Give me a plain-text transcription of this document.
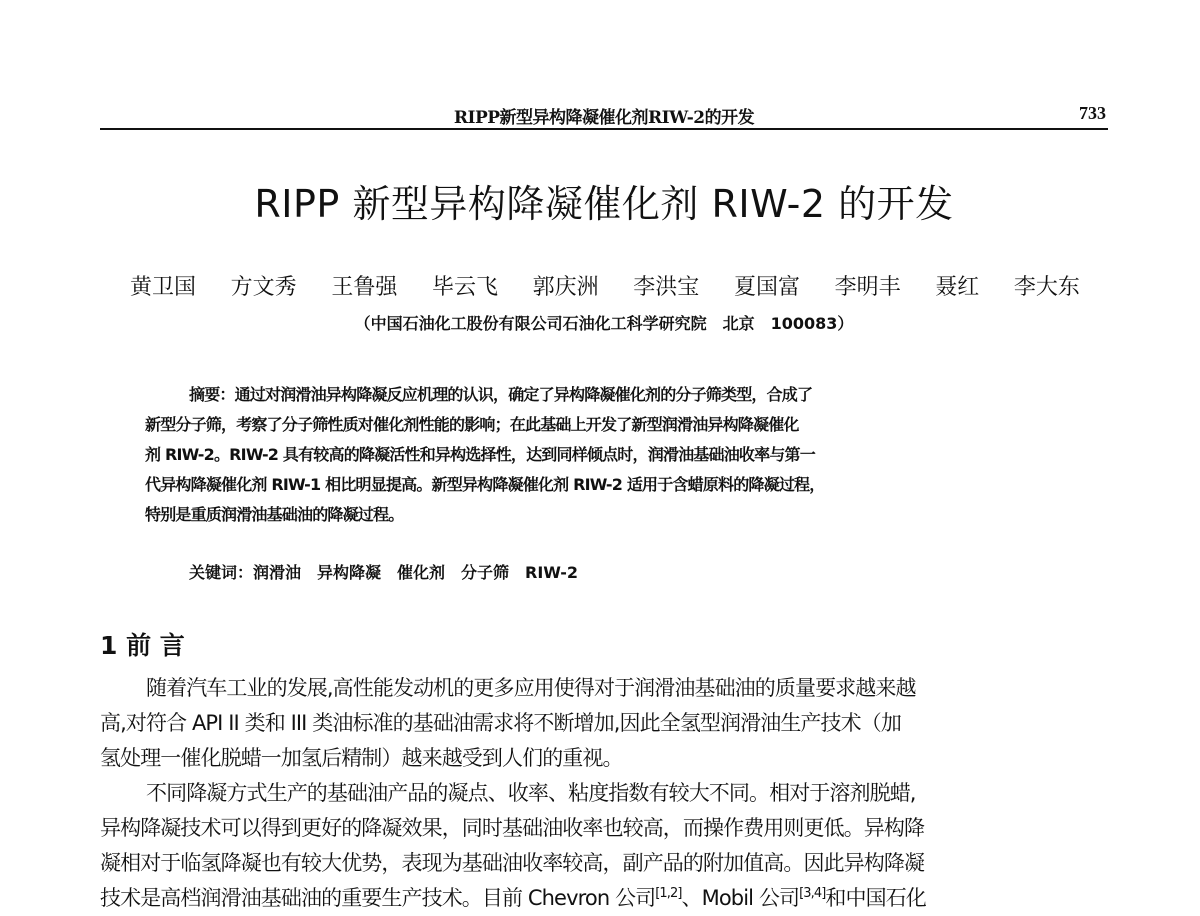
RIPP新型异构降凝催化剂RIW-2的开发	733
RIPP 新型异构降凝催化剂 RIW-2 的开发
黄卫国 方文秀 王鲁强 毕云飞 郭庆洲 李洪宝 夏国富 李明丰 聂红 李大东
（中国石油化工股份有限公司石油化工科学研究院　北京　100083）
摘要：通过对润滑油异构降凝反应机理的认识，确定了异构降凝催化剂的分子筛类型，合成了
新型分子筛，考察了分子筛性质对催化剂性能的影响；在此基础上开发了新型润滑油异构降凝催化
剂 RIW-2。RIW-2 具有较高的降凝活性和异构选择性，达到同样倾点时，润滑油基础油收率与第一
代异构降凝催化剂 RIW-1 相比明显提高。新型异构降凝催化剂 RIW-2 适用于含蜡原料的降凝过程，
特别是重质润滑油基础油的降凝过程。
关键词：润滑油　异构降凝　催化剂　分子筛　RIW-2
1 前 言
随着汽车工业的发展,高性能发动机的更多应用使得对于润滑油基础油的质量要求越来越
高,对符合 API II 类和 III 类油标准的基础油需求将不断增加,因此全氢型润滑油生产技术（加
氢处理一催化脱蜡一加氢后精制）越来越受到人们的重视。
不同降凝方式生产的基础油产品的凝点、收率、粘度指数有较大不同。相对于溶剂脱蜡,
异构降凝技术可以得到更好的降凝效果，同时基础油收率也较高，而操作费用则更低。异构降
凝相对于临氢降凝也有较大优势，表现为基础油收率较高，副产品的附加值高。因此异构降凝
技术是高档润滑油基础油的重要生产技术。目前 Chevron 公司[1,2]、Mobil 公司[3,4]和中国石化
